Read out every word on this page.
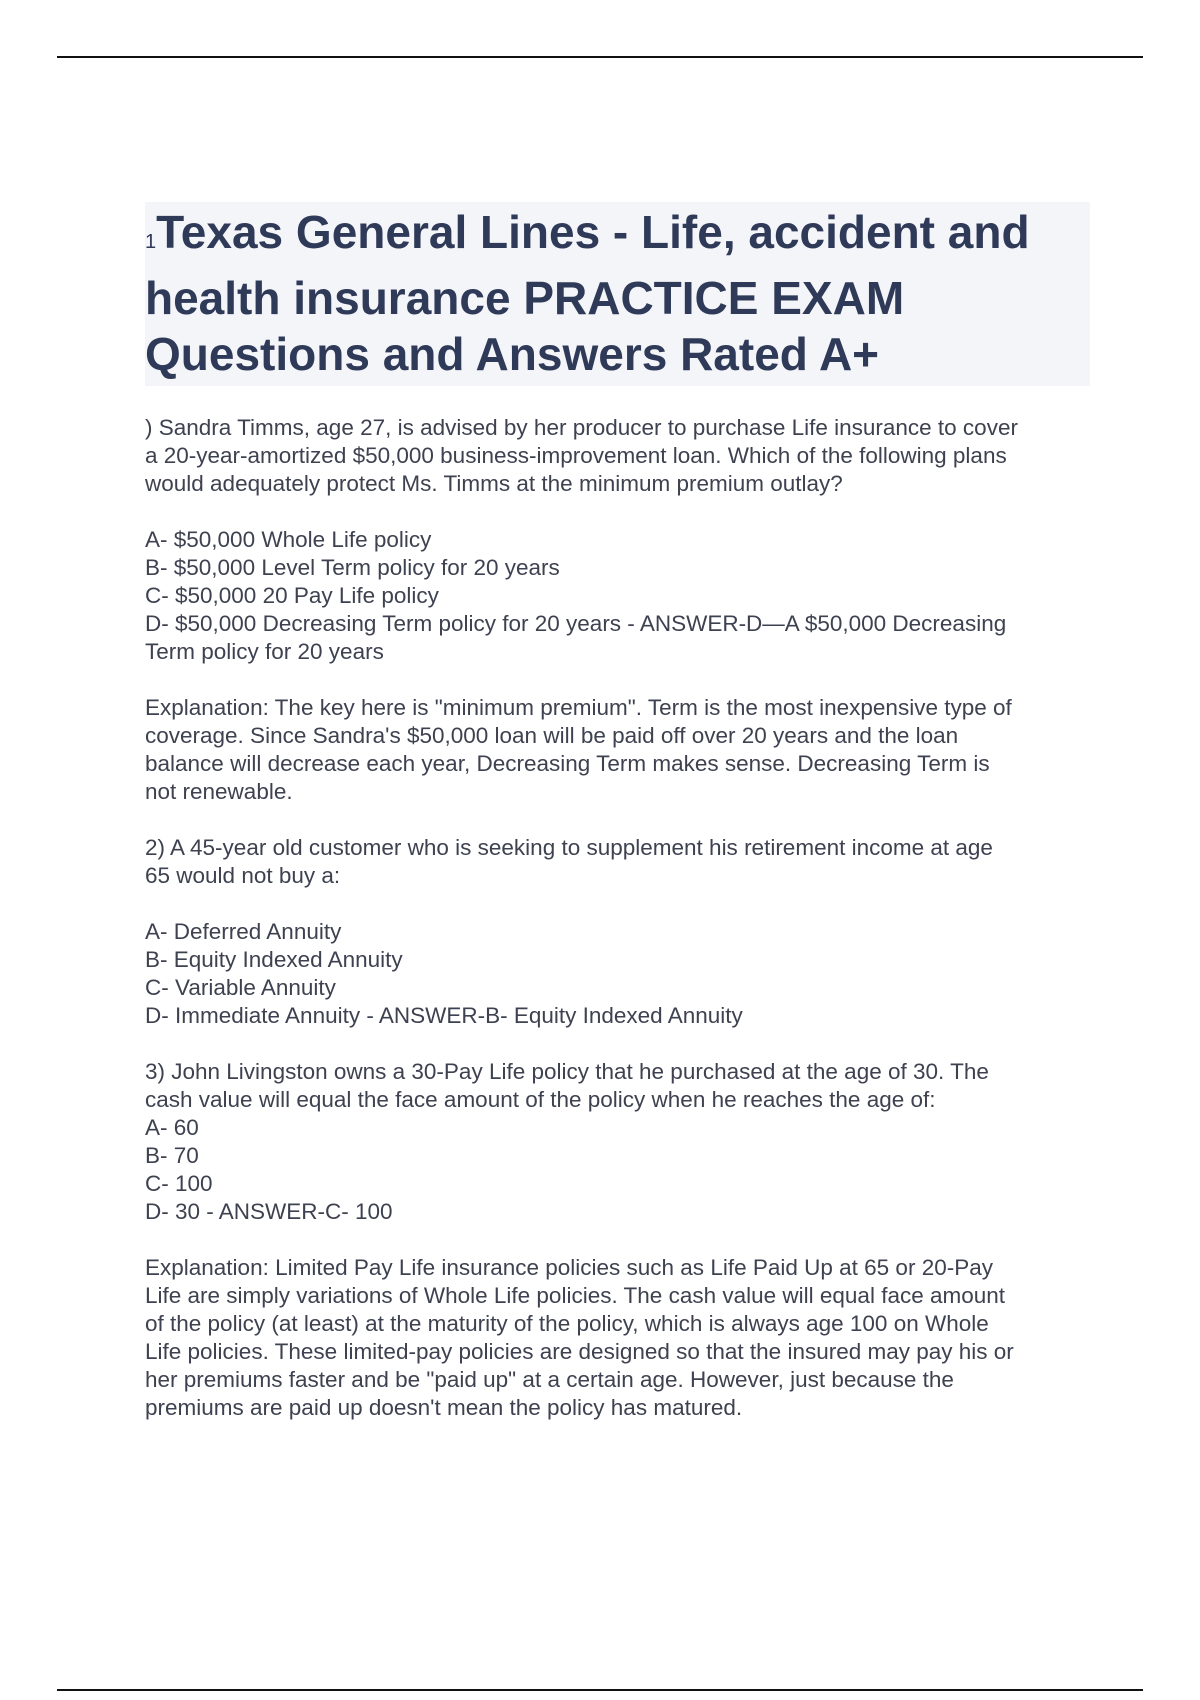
1Texas General Lines - Life, accident and
health insurance PRACTICE EXAM
Questions and Answers Rated A+

) Sandra Timms, age 27, is advised by her producer to purchase Life insurance to cover
a 20-year-amortized $50,000 business-improvement loan. Which of the following plans
would adequately protect Ms. Timms at the minimum premium outlay?

A- $50,000 Whole Life policy
B- $50,000 Level Term policy for 20 years
C- $50,000 20 Pay Life policy
D- $50,000 Decreasing Term policy for 20 years - ANSWER-D—A $50,000 Decreasing
Term policy for 20 years

Explanation: The key here is "minimum premium". Term is the most inexpensive type of
coverage. Since Sandra's $50,000 loan will be paid off over 20 years and the loan
balance will decrease each year, Decreasing Term makes sense. Decreasing Term is
not renewable.

2) A 45-year old customer who is seeking to supplement his retirement income at age
65 would not buy a:

A- Deferred Annuity
B- Equity Indexed Annuity
C- Variable Annuity
D- Immediate Annuity - ANSWER-B- Equity Indexed Annuity
3) John Livingston owns a 30-Pay Life policy that he purchased at the age of 30. The
cash value will equal the face amount of the policy when he reaches the age of:
A- 60
B- 70
C- 100
D- 30 - ANSWER-C- 100

Explanation: Limited Pay Life insurance policies such as Life Paid Up at 65 or 20-Pay
Life are simply variations of Whole Life policies. The cash value will equal face amount
of the policy (at least) at the maturity of the policy, which is always age 100 on Whole
Life policies. These limited-pay policies are designed so that the insured may pay his or
her premiums faster and be "paid up" at a certain age. However, just because the
premiums are paid up doesn't mean the policy has matured.
